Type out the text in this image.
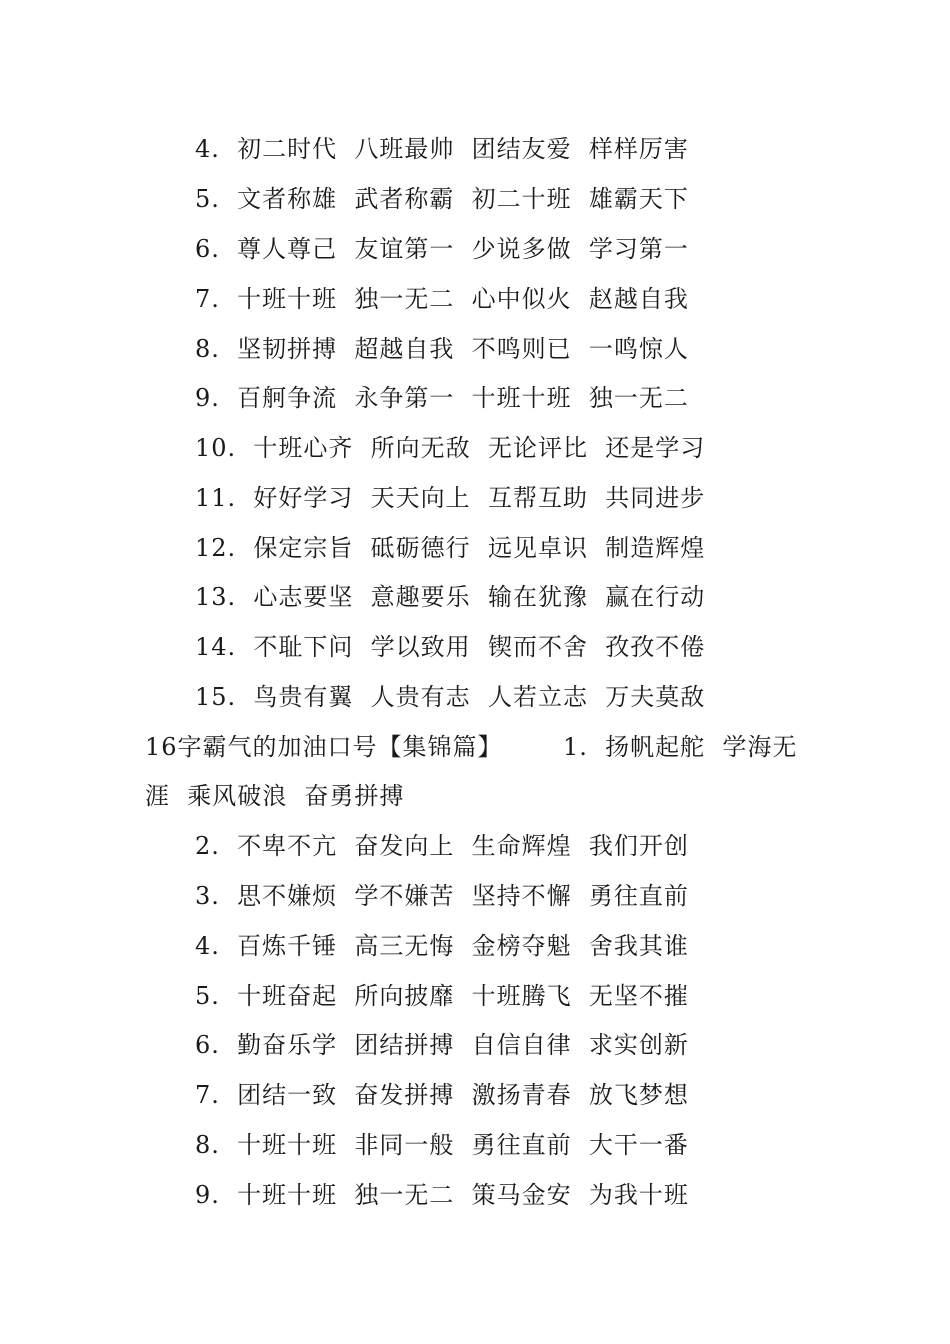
4.  初二时代  八班最帅  团结友爱  样样厉害
5.  文者称雄  武者称霸  初二十班  雄霸天下
6.  尊人尊己  友谊第一  少说多做  学习第一
7.  十班十班  独一无二  心中似火  赵越自我
8.  坚韧拼搏  超越自我  不鸣则已  一鸣惊人
9.  百舸争流  永争第一  十班十班  独一无二
10.  十班心齐  所向无敌  无论评比  还是学习
11.  好好学习  天天向上  互帮互助  共同进步
12.  保定宗旨  砥砺德行  远见卓识  制造辉煌
13.  心志要坚  意趣要乐  输在犹豫  赢在行动
14.  不耻下问  学以致用  锲而不舍  孜孜不倦
15.  鸟贵有翼  人贵有志  人若立志  万夫莫敌
16字霸气的加油口号【集锦篇】       1.  扬帆起舵  学海无
涯  乘风破浪  奋勇拼搏
2.  不卑不亢  奋发向上  生命辉煌  我们开创
3.  思不嫌烦  学不嫌苦  坚持不懈  勇往直前
4.  百炼千锤  高三无悔  金榜夺魁  舍我其谁
5.  十班奋起  所向披靡  十班腾飞  无坚不摧
6.  勤奋乐学  团结拼搏  自信自律  求实创新
7.  团结一致  奋发拼搏  激扬青春  放飞梦想
8.  十班十班  非同一般  勇往直前  大干一番
9.  十班十班  独一无二  策马金安  为我十班
